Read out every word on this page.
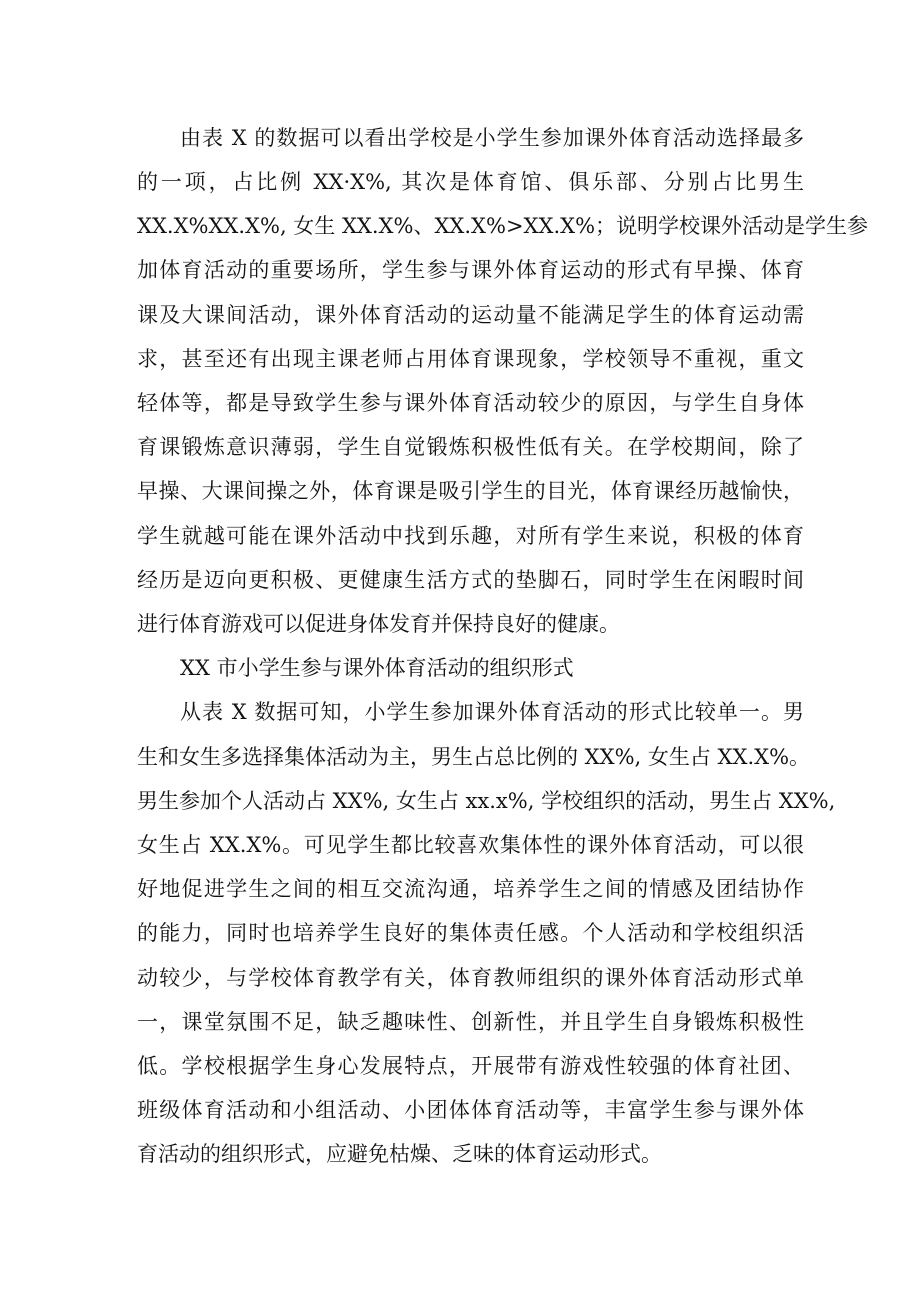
由表 X 的数据可以看出学校是小学生参加课外体育活动选择最多
的一项，占比例 XX·X%, 其次是体育馆、俱乐部、分别占比男生
XX.X%XX.X%, 女生 XX.X%、XX.X%>XX.X%；说明学校课外活动是学生参
加体育活动的重要场所，学生参与课外体育运动的形式有早操、体育
课及大课间活动，课外体育活动的运动量不能满足学生的体育运动需
求，甚至还有出现主课老师占用体育课现象，学校领导不重视，重文
轻体等，都是导致学生参与课外体育活动较少的原因，与学生自身体
育课锻炼意识薄弱，学生自觉锻炼积极性低有关。在学校期间，除了
早操、大课间操之外，体育课是吸引学生的目光，体育课经历越愉快，
学生就越可能在课外活动中找到乐趣，对所有学生来说，积极的体育
经历是迈向更积极、更健康生活方式的垫脚石，同时学生在闲暇时间
进行体育游戏可以促进身体发育并保持良好的健康。
XX 市小学生参与课外体育活动的组织形式
从表 X 数据可知，小学生参加课外体育活动的形式比较单一。男
生和女生多选择集体活动为主，男生占总比例的 XX%, 女生占 XX.X%。
男生参加个人活动占 XX%, 女生占 xx.x%, 学校组织的活动，男生占 XX%,
女生占 XX.X%。可见学生都比较喜欢集体性的课外体育活动，可以很
好地促进学生之间的相互交流沟通，培养学生之间的情感及团结协作
的能力，同时也培养学生良好的集体责任感。个人活动和学校组织活
动较少，与学校体育教学有关，体育教师组织的课外体育活动形式单
一，课堂氛围不足，缺乏趣味性、创新性，并且学生自身锻炼积极性
低。学校根据学生身心发展特点，开展带有游戏性较强的体育社团、
班级体育活动和小组活动、小团体体育活动等，丰富学生参与课外体
育活动的组织形式，应避免枯燥、乏味的体育运动形式。
